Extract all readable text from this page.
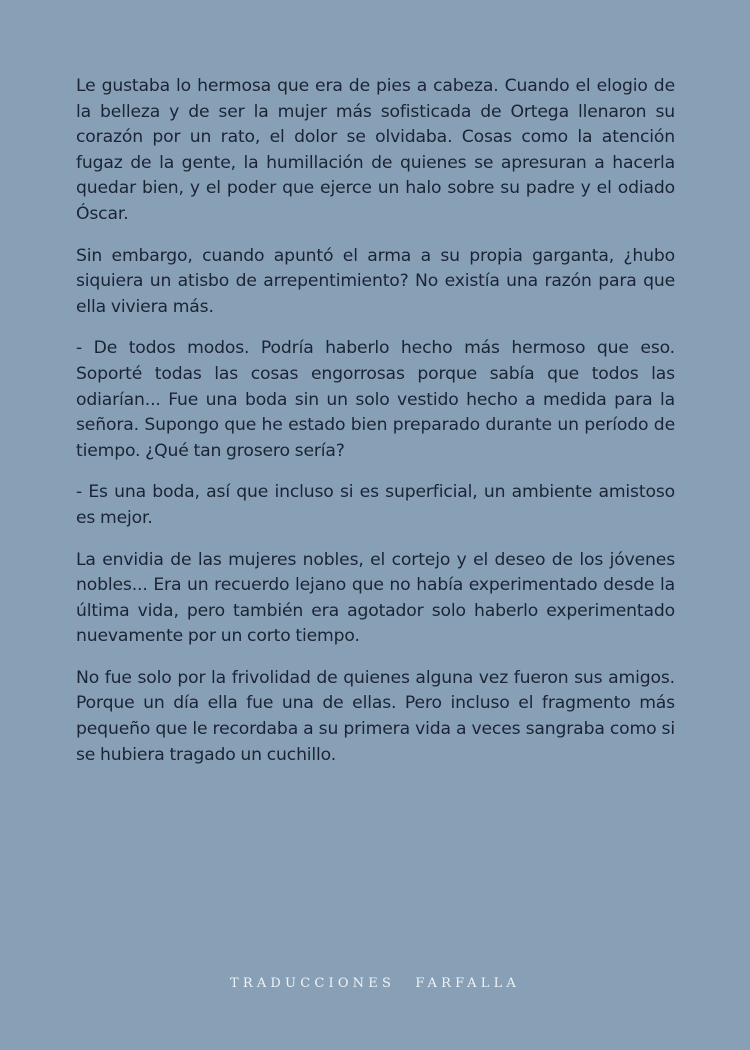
Le gustaba lo hermosa que era de pies a cabeza. Cuando el elogio de la belleza y de ser la mujer más sofisticada de Ortega llenaron su corazón por un rato, el dolor se olvidaba. Cosas como la atención fugaz de la gente, la humillación de quienes se apresuran a hacerla quedar bien, y el poder que ejerce un halo sobre su padre y el odiado Óscar.

Sin embargo, cuando apuntó el arma a su propia garganta, ¿hubo siquiera un atisbo de arrepentimiento? No existía una razón para que ella viviera más.

- De todos modos. Podría haberlo hecho más hermoso que eso. Soporté todas las cosas engorrosas porque sabía que todos las odiarían... Fue una boda sin un solo vestido hecho a medida para la señora. Supongo que he estado bien preparado durante un período de tiempo. ¿Qué tan grosero sería?

- Es una boda, así que incluso si es superficial, un ambiente amistoso es mejor.

La envidia de las mujeres nobles, el cortejo y el deseo de los jóvenes nobles... Era un recuerdo lejano que no había experimentado desde la última vida, pero también era agotador solo haberlo experimentado nuevamente por un corto tiempo.

No fue solo por la frivolidad de quienes alguna vez fueron sus amigos. Porque un día ella fue una de ellas. Pero incluso el fragmento más pequeño que le recordaba a su primera vida a veces sangraba como si se hubiera tragado un cuchillo.

TRADUCCIONES FARFALLA
